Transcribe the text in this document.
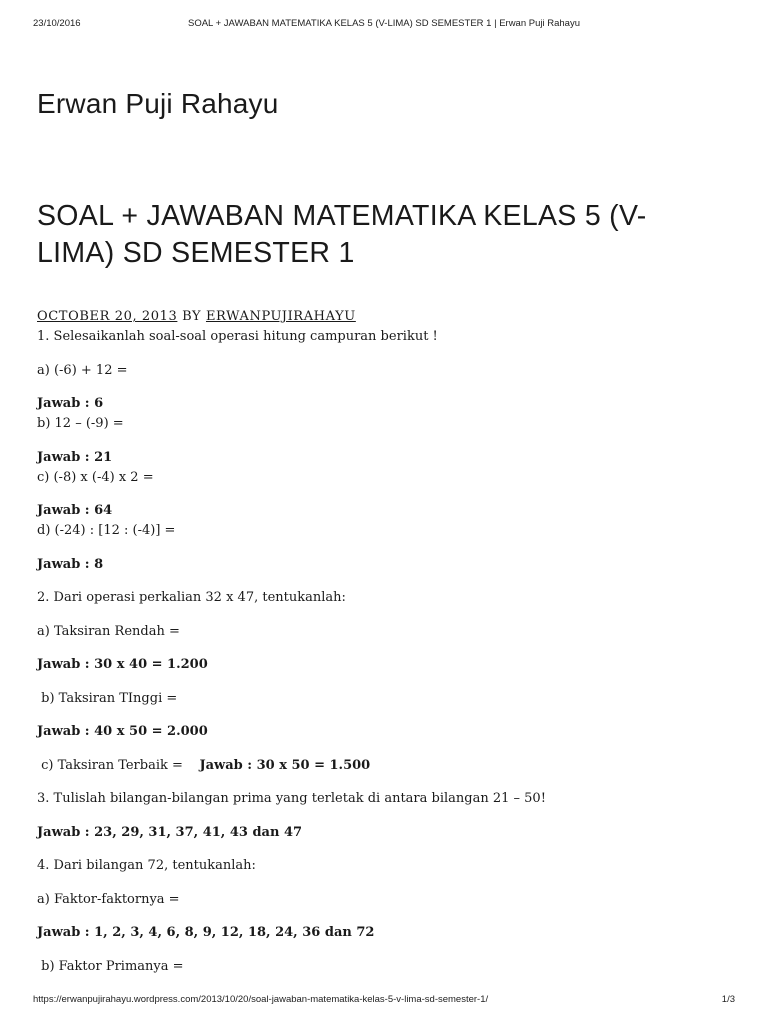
23/10/2016	SOAL + JAWABAN MATEMATIKA KELAS 5 (V-LIMA) SD SEMESTER 1 | Erwan Puji Rahayu
Erwan Puji Rahayu
SOAL + JAWABAN MATEMATIKA KELAS 5 (V-LIMA) SD SEMESTER 1
OCTOBER 20, 2013 BY ERWANPUJIRAHAYU

1. Selesaikanlah soal-soal operasi hitung campuran berikut !

a) (-6) + 12 =

Jawab : 6

b) 12 – (-9) =

Jawab : 21

c) (-8) x (-4) x 2 =

Jawab : 64

d) (-24) : [12 : (-4)] =

Jawab : 8

2. Dari operasi perkalian 32 x 47, tentukanlah:

a) Taksiran Rendah =

Jawab : 30 x 40 = 1.200

b) Taksiran TInggi =

Jawab : 40 x 50 = 2.000

c) Taksiran Terbaik = Jawab : 30 x 50 = 1.500

3. Tulislah bilangan-bilangan prima yang terletak di antara bilangan 21 – 50!

Jawab : 23, 29, 31, 37, 41, 43 dan 47

4. Dari bilangan 72, tentukanlah:

a) Faktor-faktornya =

Jawab : 1, 2, 3, 4, 6, 8, 9, 12, 18, 24, 36 dan 72

b) Faktor Primanya =

https://erwanpujirahayu.wordpress.com/2013/10/20/soal-jawaban-matematika-kelas-5-v-lima-sd-semester-1/	1/3
